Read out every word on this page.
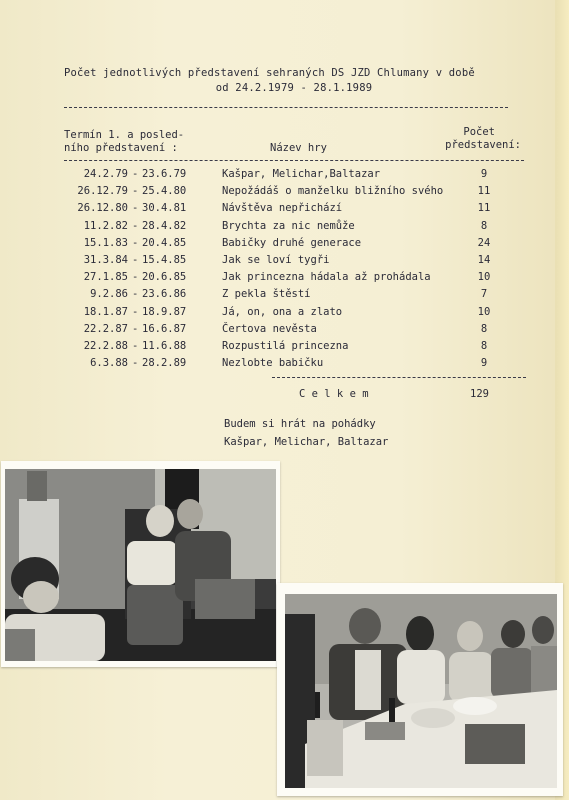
Počet jednotlivých představení sehraných DS JZD Chlumany v době
od 24.2.1979 - 28.1.1989
Termín 1. a posled-
ního představení :	Název hry
Počet
představení:
24.2.79 - 23.6.79	Kašpar, Melichar,Baltazar	9
26.12.79 - 25.4.80	Nepožádáš o manželku bližního svého	11
26.12.80 - 30.4.81	Návštěva nepřichází	11
11.2.82 - 28.4.82	Brychta za nic nemůže	8
15.1.83 - 20.4.85	Babičky druhé generace	24
31.3.84 - 15.4.85	Jak se loví tygři	14
27.1.85 - 20.6.85	Jak princezna hádala až prohádala	10
9.2.86 - 23.6.86	Z pekla štěstí	7
18.1.87 - 18.9.87	Já, on, ona a zlato	10
22.2.87 - 16.6.87	Čertova nevěsta	8
22.2.88 - 11.6.88	Rozpustilá princezna	8
6.3.88 - 28.2.89	Nezlobte babičku	9
C e l k e m	129
Budem si hrát na pohádky
Kašpar, Melichar, Baltazar
